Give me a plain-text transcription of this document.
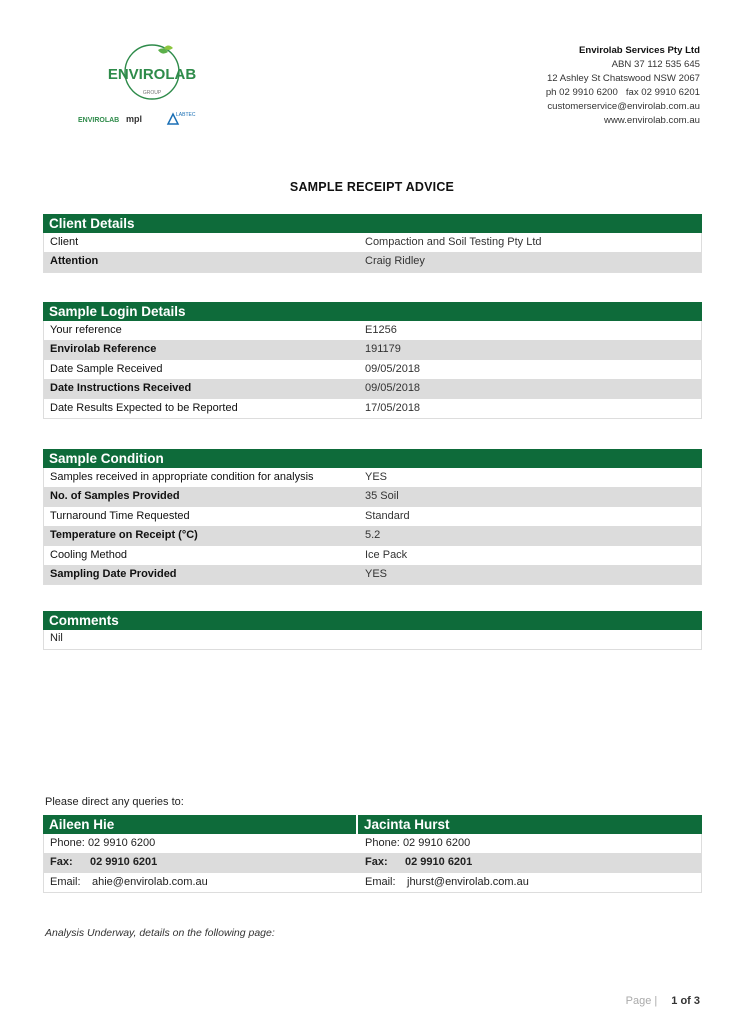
ENVIROLAB
GROUP
ENVIROLAB mpl	LABTEC
Envirolab Services Pty Ltd
ABN 37 112 535 645
12 Ashley St Chatswood NSW 2067
ph 02 9910 6200   fax 02 9910 6201
customerservice@envirolab.com.au
www.envirolab.com.au
SAMPLE RECEIPT ADVICE
Client Details
Client	Compaction and Soil Testing Pty Ltd
Attention	Craig Ridley
Sample Login Details
Your reference	E1256
Envirolab Reference	191179
Date Sample Received	09/05/2018
Date Instructions Received	09/05/2018
Date Results Expected to be Reported	17/05/2018
Sample Condition
Samples received in appropriate condition for analysis	YES
No. of Samples Provided	35 Soil
Turnaround Time Requested	Standard
Temperature on Receipt (°C)	5.2
Cooling Method	Ice Pack
Sampling Date Provided	YES
Comments
Nil
Please direct any queries to:
Aileen Hie	Jacinta Hurst
Phone: 02 9910 6200	Phone: 02 9910 6200
Fax: 02 9910 6201	Fax: 02 9910 6201
Email: ahie@envirolab.com.au	Email: jhurst@envirolab.com.au
Analysis Underway, details on the following page:
Page | 1 of 3
